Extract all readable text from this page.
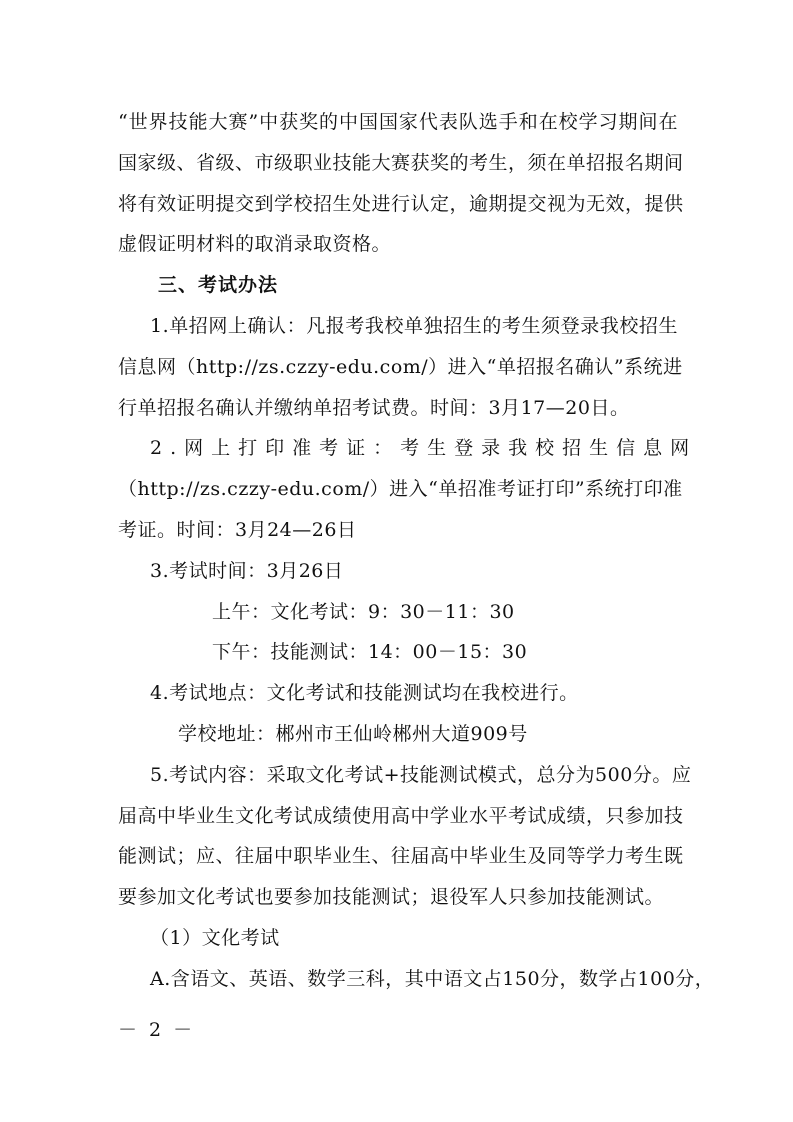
“世界技能大赛”中获奖的中国国家代表队选手和在校学习期间在
国家级、省级、市级职业技能大赛获奖的考生，须在单招报名期间
将有效证明提交到学校招生处进行认定，逾期提交视为无效，提供
虚假证明材料的取消录取资格。
三、考试办法
1.单招网上确认：凡报考我校单独招生的考生须登录我校招生
信息网（http://zs.czzy-edu.com/）进入“单招报名确认”系统进
行单招报名确认并缴纳单招考试费。时间：3月17—20日。
2.网上打印准考证：考生登录我校招生信息网
（http://zs.czzy-edu.com/）进入“单招准考证打印”系统打印准
考证。时间：3月24—26日
3.考试时间：3月26日
上午：文化考试：9：30－11：30
下午：技能测试：14：00－15：30
4.考试地点：文化考试和技能测试均在我校进行。
学校地址：郴州市王仙岭郴州大道909号
5.考试内容：采取文化考试+技能测试模式，总分为500分。应
届高中毕业生文化考试成绩使用高中学业水平考试成绩，只参加技
能测试；应、往届中职毕业生、往届高中毕业生及同等学力考生既
要参加文化考试也要参加技能测试；退役军人只参加技能测试。
－ 2 －
（1）文化考试
A.含语文、英语、数学三科，其中语文占150分，数学占100分，
